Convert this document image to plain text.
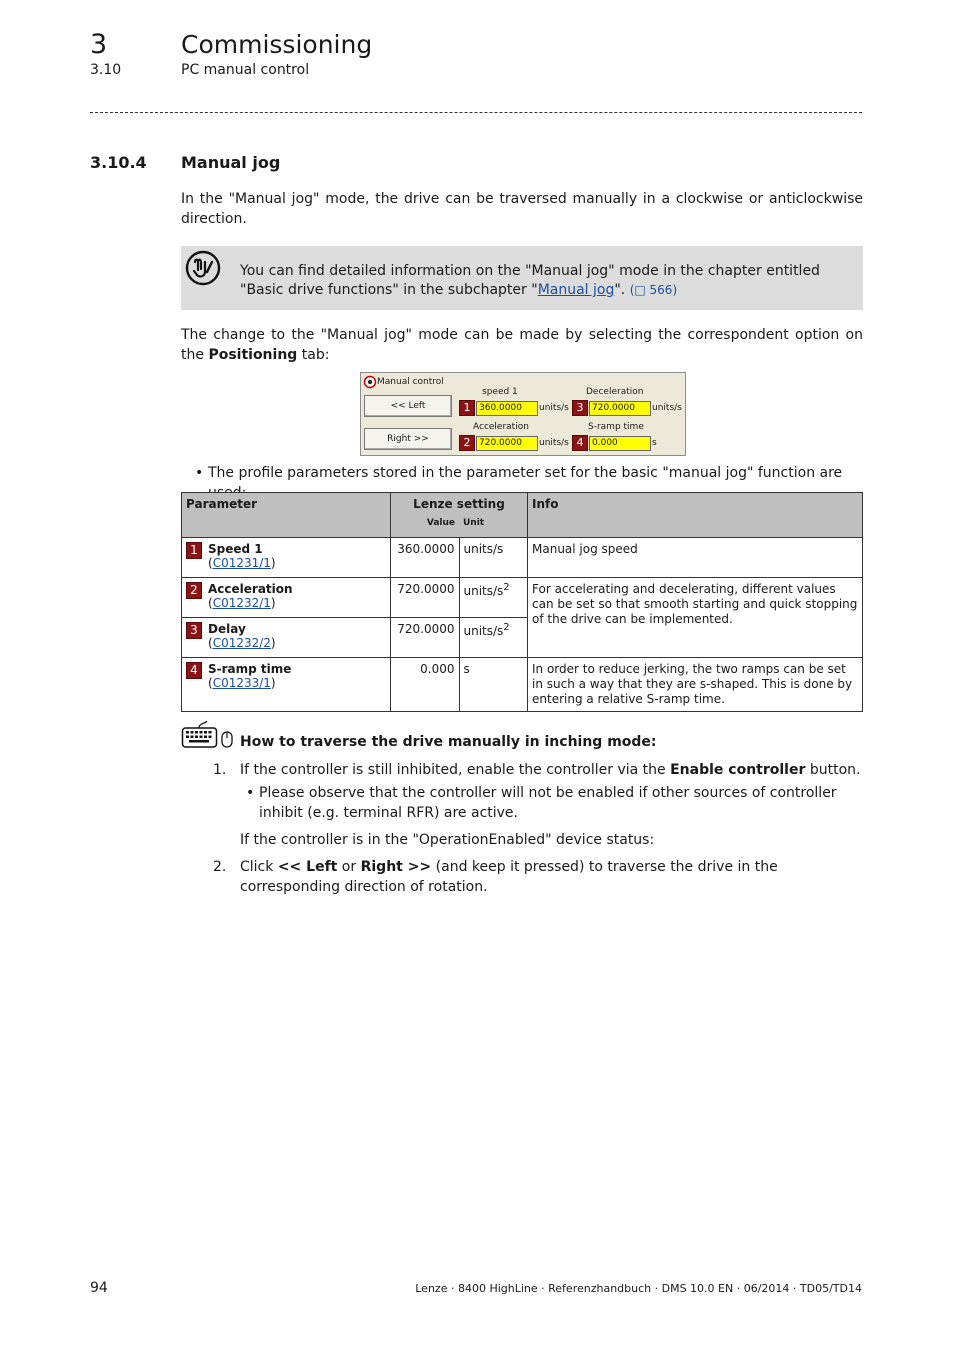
3	Commissioning
3.10	PC manual control
3.10.4 Manual jog
In the "Manual jog" mode, the drive can be traversed manually in a clockwise or anticlockwise direction.
You can find detailed information on the "Manual jog" mode in the chapter entitled "Basic drive functions" in the subchapter "Manual jog". (□ 566)
The change to the "Manual jog" mode can be made by selecting the correspondent option on the Positioning tab:
Manual control
<< Left
Right >>
speed 1
1 360.0000	units/s
Deceleration
3 720.0000	units/s
Acceleration
2 720.0000	units/s
S-ramp time
4 0.000	s
• The profile parameters stored in the parameter set for the basic "manual jog" function are
Parameter	Lenze setting		Info
	Value	Unit	

1 Speed 1
(C01231/1)	360.0000	units/s	Manual jog speed

2 Acceleration
(C01232/1)	720.0000	units/$s^2$	For accelerating and decelerating, different values can be set so that smooth starting and quick stopping of the drive can be implemented.

3 Delay
(C01232/2)	720.0000	units/$s^2$

4 S-ramp time
(C01233/1)	0.000	s	In order to reduce jerking, the two ramps can be set in such a way that they are s-shaped. This is done by entering a relative S-ramp time.
How to traverse the drive manually in inching mode:
1. If the controller is still inhibited, enable the controller via the Enable controller button.
• Please observe that the controller will not be enabled if other sources of controller inhibit (e.g. terminal RFR) are active.
If the controller is in the "OperationEnabled" device status:
2. Click << Left or Right >> (and keep it pressed) to traverse the drive in the corresponding direction of rotation.
94	Lenze · 8400 HighLine · Referenzhandbuch · DMS 10.0 EN · 06/2014 · TD05/TD14
